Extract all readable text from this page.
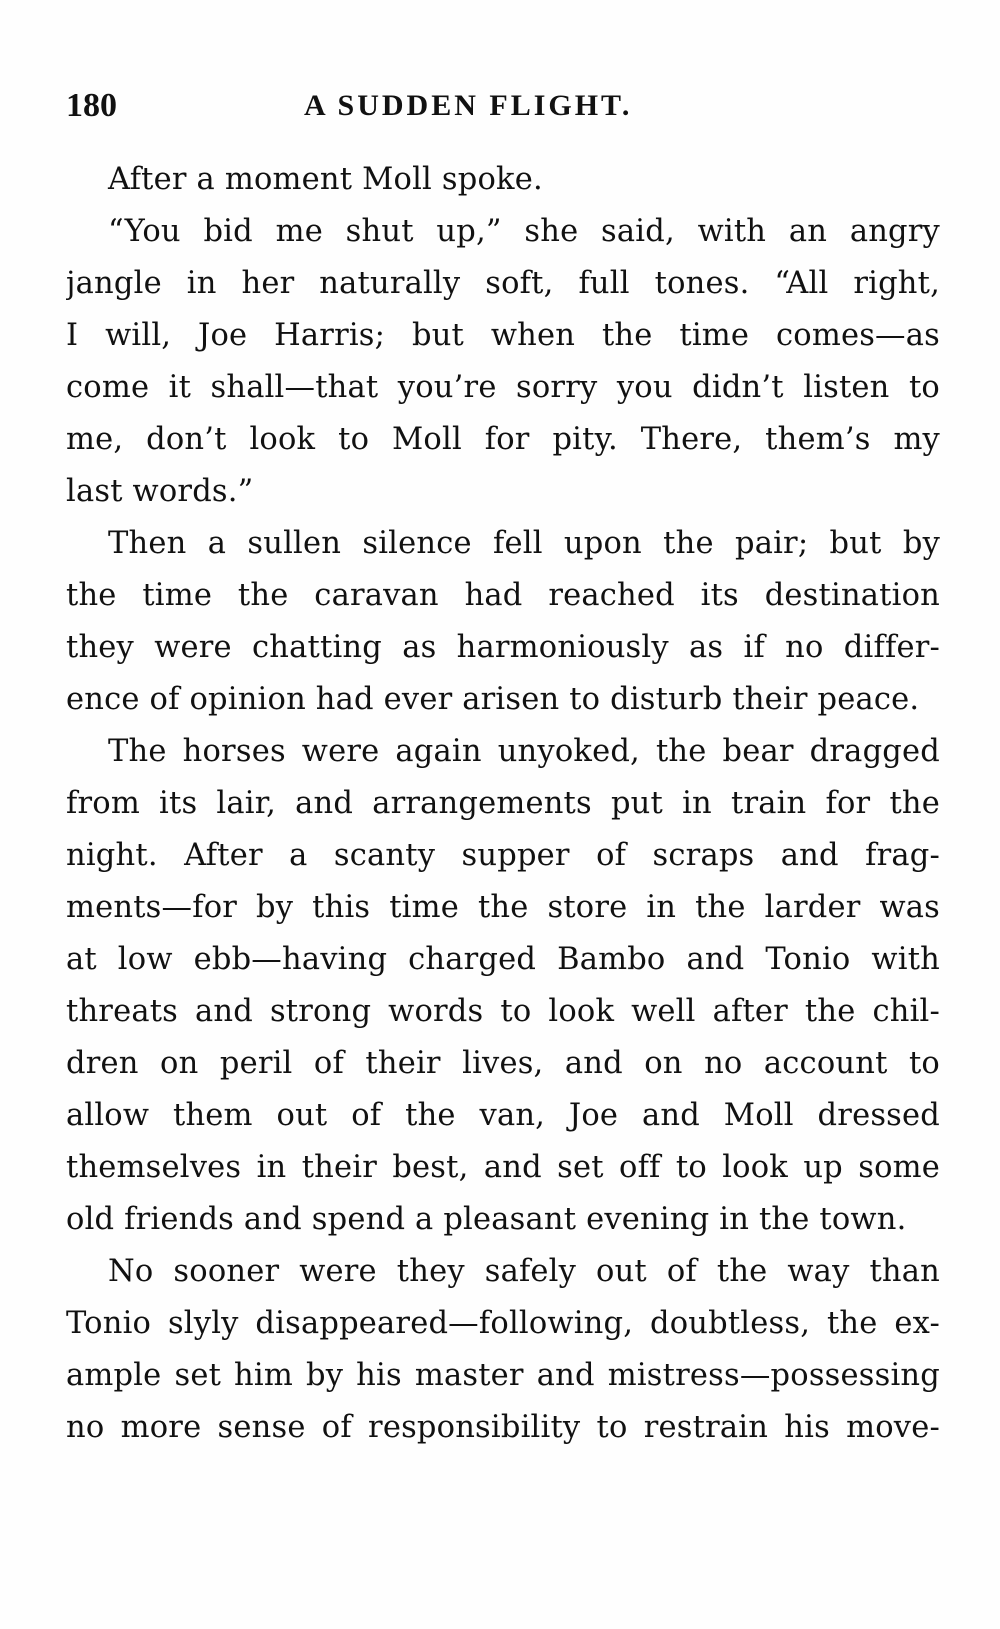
180	A SUDDEN FLIGHT.
After a moment Moll spoke.
“You bid me shut up,” she said, with an angry
jangle in her naturally soft, full tones. “All right,
I will, Joe Harris; but when the time comes—as
come it shall—that you’re sorry you didn’t listen to
me, don’t look to Moll for pity. There, them’s my
last words.”
Then a sullen silence fell upon the pair; but by
the time the caravan had reached its destination
they were chatting as harmoniously as if no differ-
ence of opinion had ever arisen to disturb their peace.
The horses were again unyoked, the bear dragged
from its lair, and arrangements put in train for the
night. After a scanty supper of scraps and frag-
ments—for by this time the store in the larder was
at low ebb—having charged Bambo and Tonio with
threats and strong words to look well after the chil-
dren on peril of their lives, and on no account to
allow them out of the van, Joe and Moll dressed
themselves in their best, and set off to look up some
old friends and spend a pleasant evening in the town.
No sooner were they safely out of the way than
Tonio slyly disappeared—following, doubtless, the ex-
ample set him by his master and mistress—possessing
no more sense of responsibility to restrain his move-
